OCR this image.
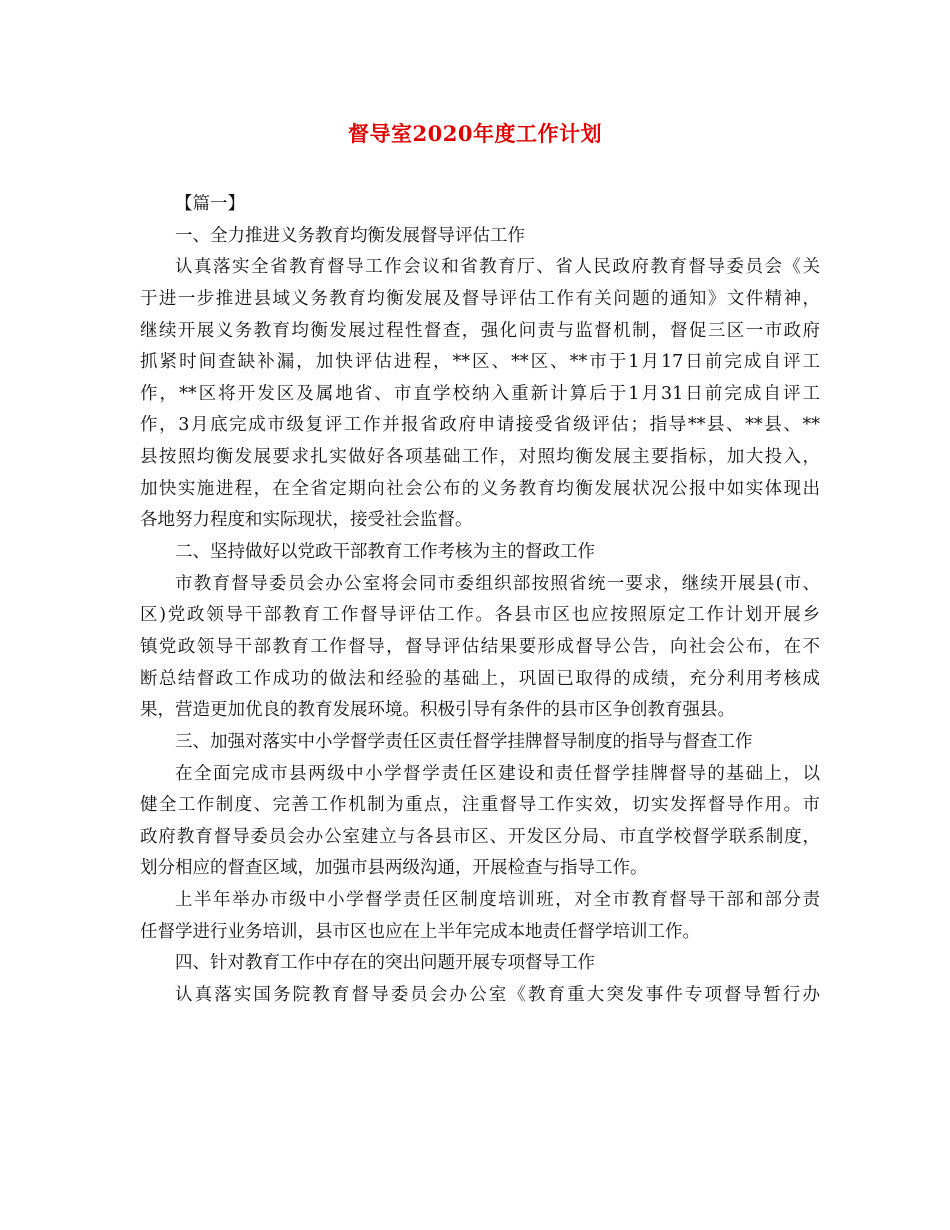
督导室2020年度工作计划
【篇一】
一、全力推进义务教育均衡发展督导评估工作
认真落实全省教育督导工作会议和省教育厅、省人民政府教育督导委员会《关
于进一步推进县域义务教育均衡发展及督导评估工作有关问题的通知》文件精神，
继续开展义务教育均衡发展过程性督查，强化问责与监督机制，督促三区一市政府
抓紧时间查缺补漏，加快评估进程，**区、**区、**市于1月17日前完成自评工
作，**区将开发区及属地省、市直学校纳入重新计算后于1月31日前完成自评工
作，3月底完成市级复评工作并报省政府申请接受省级评估；指导**县、**县、**
县按照均衡发展要求扎实做好各项基础工作，对照均衡发展主要指标，加大投入，
加快实施进程，在全省定期向社会公布的义务教育均衡发展状况公报中如实体现出
各地努力程度和实际现状，接受社会监督。
二、坚持做好以党政干部教育工作考核为主的督政工作
市教育督导委员会办公室将会同市委组织部按照省统一要求，继续开展县(市、
区)党政领导干部教育工作督导评估工作。各县市区也应按照原定工作计划开展乡
镇党政领导干部教育工作督导，督导评估结果要形成督导公告，向社会公布，在不
断总结督政工作成功的做法和经验的基础上，巩固已取得的成绩，充分利用考核成
果，营造更加优良的教育发展环境。积极引导有条件的县市区争创教育强县。
三、加强对落实中小学督学责任区责任督学挂牌督导制度的指导与督查工作
在全面完成市县两级中小学督学责任区建设和责任督学挂牌督导的基础上，以
健全工作制度、完善工作机制为重点，注重督导工作实效，切实发挥督导作用。市
政府教育督导委员会办公室建立与各县市区、开发区分局、市直学校督学联系制度，
划分相应的督查区域，加强市县两级沟通，开展检查与指导工作。
上半年举办市级中小学督学责任区制度培训班，对全市教育督导干部和部分责
任督学进行业务培训，县市区也应在上半年完成本地责任督学培训工作。
四、针对教育工作中存在的突出问题开展专项督导工作
认真落实国务院教育督导委员会办公室《教育重大突发事件专项督导暂行办
